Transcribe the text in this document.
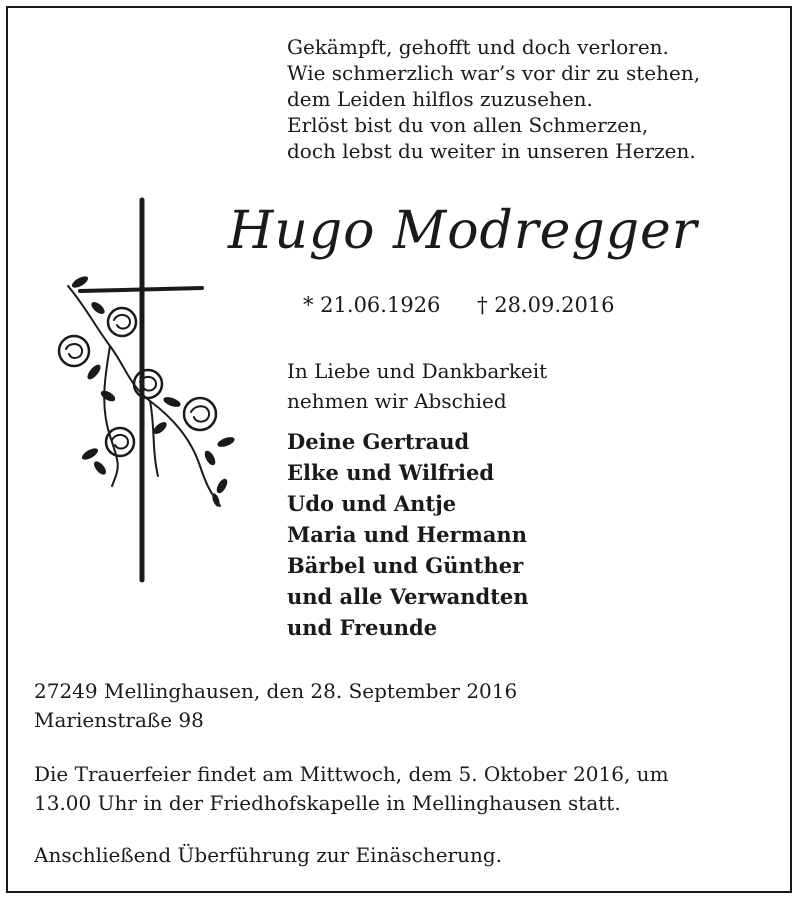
Gekämpft, gehofft und doch verloren.
Wie schmerzlich war’s vor dir zu stehen,
dem Leiden hilflos zuzusehen.
Erlöst bist du von allen Schmerzen,
doch lebst du weiter in unseren Herzen.
Hugo Modregger
* 21.06.1926 † 28.09.2016
In Liebe und Dankbarkeit
nehmen wir Abschied
Deine Gertraud
Elke und Wilfried
Udo und Antje
Maria und Hermann
Bärbel und Günther
und alle Verwandten
und Freunde
27249 Mellinghausen, den 28. September 2016
Marienstraße 98
Die Trauerfeier findet am Mittwoch, dem 5. Oktober 2016, um
13.00 Uhr in der Friedhofskapelle in Mellinghausen statt.
Anschließend Überführung zur Einäscherung.
